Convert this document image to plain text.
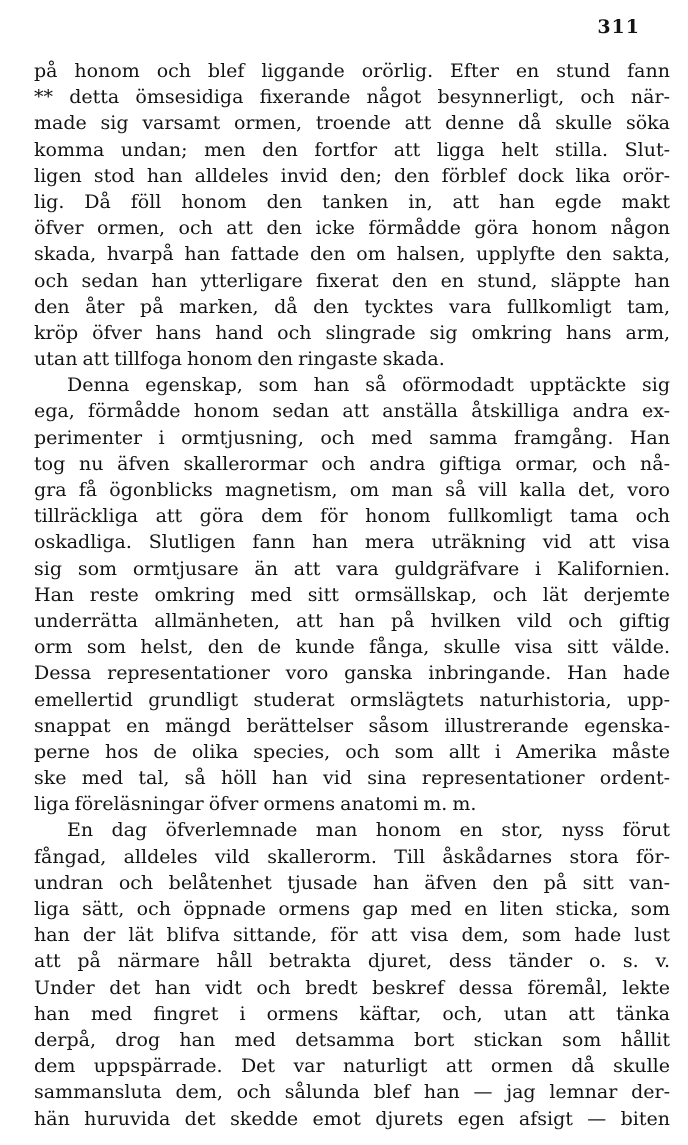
311
på honom och blef liggande orörlig. Efter en stund fann
** detta ömsesidiga fixerande något besynnerligt, och när-
made sig varsamt ormen, troende att denne då skulle söka
komma undan; men den fortfor att ligga helt stilla. Slut-
ligen stod han alldeles invid den; den förblef dock lika orör-
lig. Då föll honom den tanken in, att han egde makt
öfver ormen, och att den icke förmådde göra honom någon
skada, hvarpå han fattade den om halsen, upplyfte den sakta,
och sedan han ytterligare fixerat den en stund, släppte han
den åter på marken, då den tycktes vara fullkomligt tam,
kröp öfver hans hand och slingrade sig omkring hans arm,
utan att tillfoga honom den ringaste skada.
Denna egenskap, som han så oförmodadt upptäckte sig
ega, förmådde honom sedan att anställa åtskilliga andra ex-
perimenter i ormtjusning, och med samma framgång. Han
tog nu äfven skallerormar och andra giftiga ormar, och nå-
gra få ögonblicks magnetism, om man så vill kalla det, voro
tillräckliga att göra dem för honom fullkomligt tama och
oskadliga. Slutligen fann han mera uträkning vid att visa
sig som ormtjusare än att vara guldgräfvare i Kalifornien.
Han reste omkring med sitt ormsällskap, och lät derjemte
underrätta allmänheten, att han på hvilken vild och giftig
orm som helst, den de kunde fånga, skulle visa sitt välde.
Dessa representationer voro ganska inbringande. Han hade
emellertid grundligt studerat ormslägtets naturhistoria, upp-
snappat en mängd berättelser såsom illustrerande egenska-
perne hos de olika species, och som allt i Amerika måste
ske med tal, så höll han vid sina representationer ordent-
liga föreläsningar öfver ormens anatomi m. m.
En dag öfverlemnade man honom en stor, nyss förut
fångad, alldeles vild skallerorm. Till åskådarnes stora för-
undran och belåtenhet tjusade han äfven den på sitt van-
liga sätt, och öppnade ormens gap med en liten sticka, som
han der lät blifva sittande, för att visa dem, som hade lust
att på närmare håll betrakta djuret, dess tänder o. s. v.
Under det han vidt och bredt beskref dessa föremål, lekte
han med fingret i ormens käftar, och, utan att tänka
derpå, drog han med detsamma bort stickan som hållit
dem uppspärrade. Det var naturligt att ormen då skulle
sammansluta dem, och sålunda blef han — jag lemnar der-
hän huruvida det skedde emot djurets egen afsigt — biten
